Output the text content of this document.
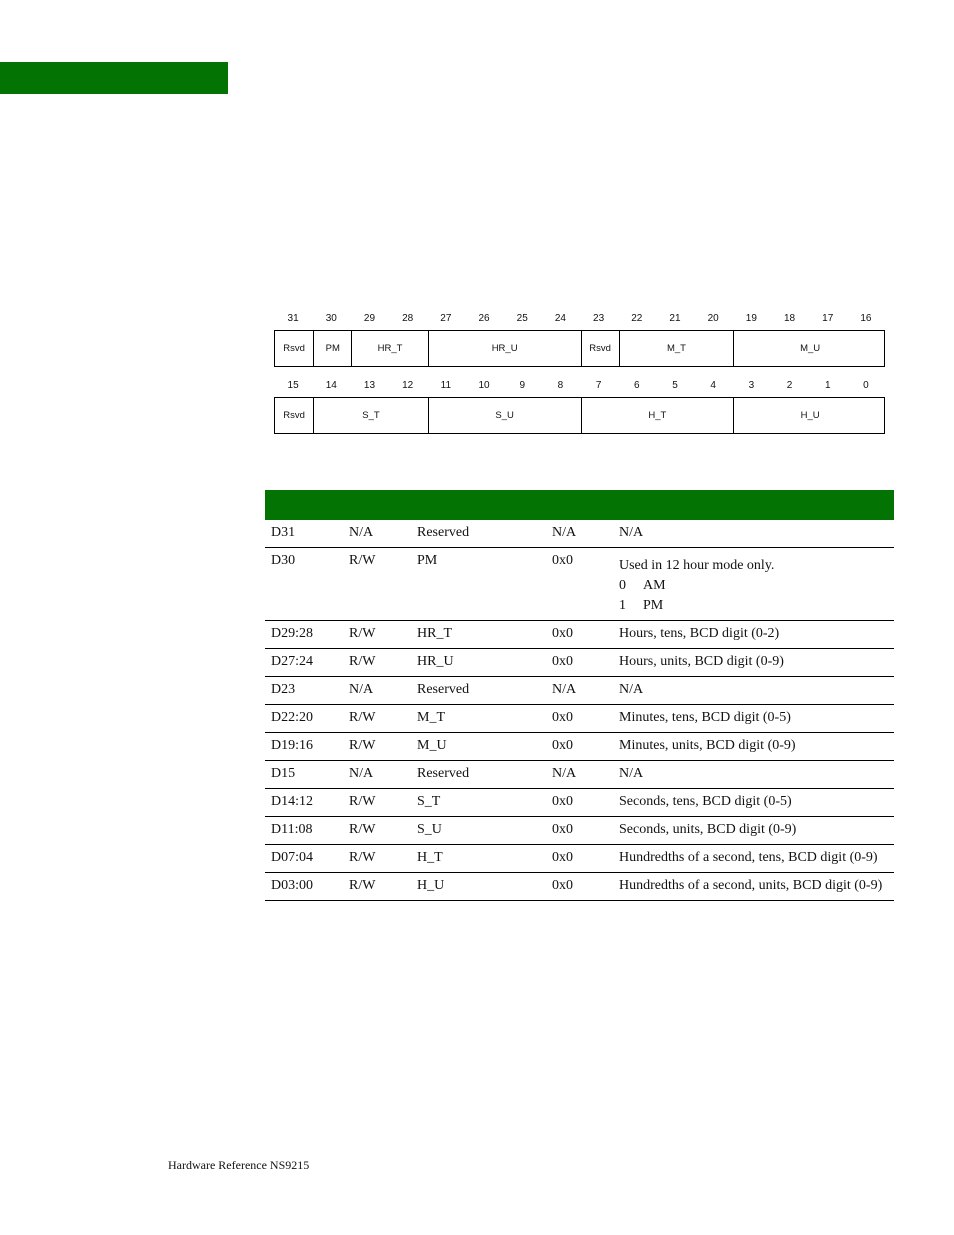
31	30	29	28	27	26	25	24	23	22	21	20	19	18	17	16
Rsvd	PM	HR_T	HR_U	Rsvd	M_T	M_U
15	14	13	12	11	10	9	8	7	6	5	4	3	2	1	0
Rsvd	S_T	S_U	H_T	H_U

D31	N/A	Reserved	N/A	N/A

D30	R/W	PM	0x0	Used in 12 hour mode only.
0 AM
1 PM

D29:28	R/W	HR_T	0x0	Hours, tens, BCD digit (0-2)

D27:24	R/W	HR_U	0x0	Hours, units, BCD digit (0-9)

D23	N/A	Reserved	N/A	N/A

D22:20	R/W	M_T	0x0	Minutes, tens, BCD digit (0-5)

D19:16	R/W	M_U	0x0	Minutes, units, BCD digit (0-9)

D15	N/A	Reserved	N/A	N/A

D14:12	R/W	S_T	0x0	Seconds, tens, BCD digit (0-5)

D11:08	R/W	S_U	0x0	Seconds, units, BCD digit (0-9)

D07:04	R/W	H_T	0x0	Hundredths of a second, tens, BCD digit (0-9)

D03:00	R/W	H_U	0x0	Hundredths of a second, units, BCD digit (0-9)
Hardware Reference NS9215
